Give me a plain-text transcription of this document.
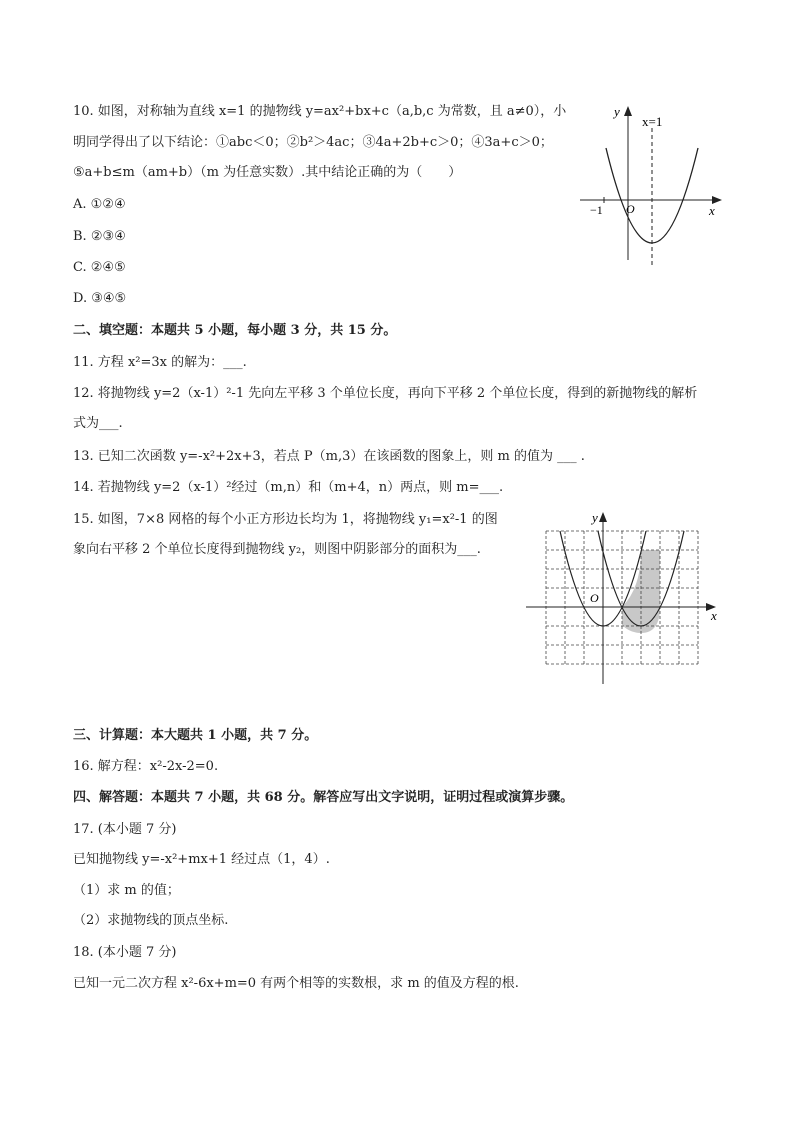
10. 如图，对称轴为直线 x=1 的抛物线 y=ax²+bx+c（a,b,c 为常数，且 a≠0），小
明同学得出了以下结论：①abc＜0；②b²＞4ac；③4a+2b+c＞0；④3a+c＞0；
⑤a+b≤m（am+b）（m 为任意实数）.其中结论正确的为（　　）
A. ①②④
B. ②③④
C. ②④⑤
D. ③④⑤
y
x=1
x
O
−1
二、填空题：本题共 5 小题，每小题 3 分，共 15 分。
11. 方程 x²=3x 的解为：___.
12. 将抛物线 y=2（x-1）²-1 先向左平移 3 个单位长度，再向下平移 2 个单位长度，得到的新抛物线的解析
式为___.
13. 已知二次函数 y=-x²+2x+3，若点 P（m,3）在该函数的图象上，则 m 的值为 ___ .
14. 若抛物线 y=2（x-1）²经过（m,n）和（m+4，n）两点，则 m=___.
15. 如图，7×8 网格的每个小正方形边长均为 1，将抛物线 y₁=x²-1 的图
象向右平移 2 个单位长度得到抛物线 y₂，则图中阴影部分的面积为___.
y
x
O
三、计算题：本大题共 1 小题，共 7 分。
16. 解方程：x²-2x-2=0.
四、解答题：本题共 7 小题，共 68 分。解答应写出文字说明，证明过程或演算步骤。
17. (本小题 7 分)
已知抛物线 y=-x²+mx+1 经过点（1，4）.
（1）求 m 的值；
（2）求抛物线的顶点坐标.
18. (本小题 7 分)
已知一元二次方程 x²-6x+m=0 有两个相等的实数根，求 m 的值及方程的根.
